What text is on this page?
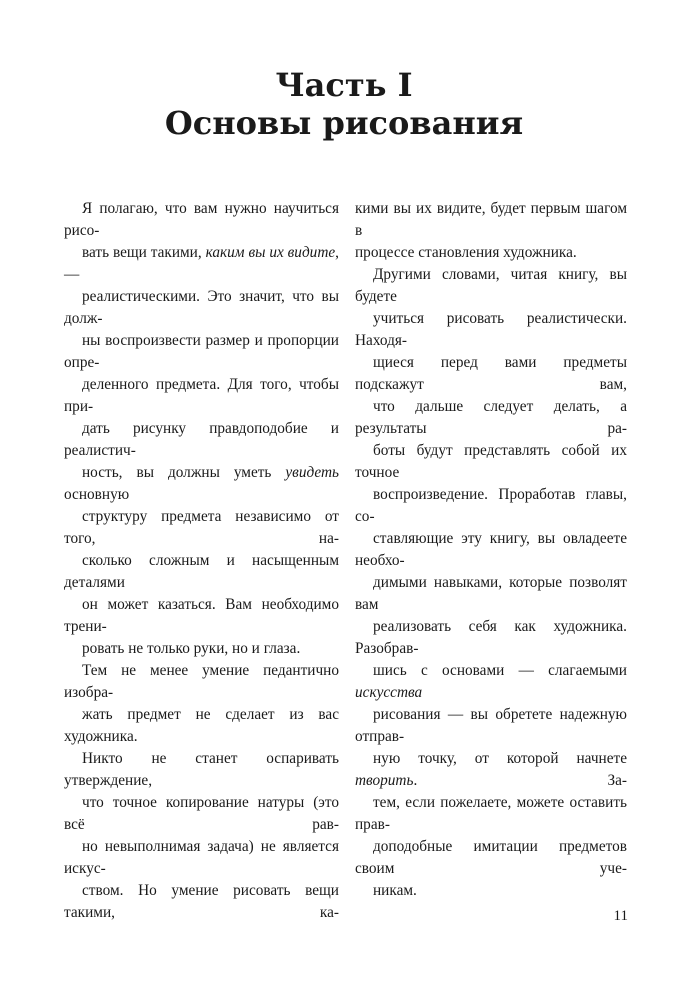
Часть I
Основы рисования

Я полагаю, что вам нужно научиться рисо-
вать вещи такими, каким вы их видите, —
реалистическими. Это значит, что вы долж-
ны воспроизвести размер и пропорции опре-
деленного предмета. Для того, чтобы при-
дать рисунку правдоподобие и реалистич-
ность, вы должны уметь увидеть основную
структуру предмета независимо от того, на-
сколько сложным и насыщенным деталями
он может казаться. Вам необходимо трени-
ровать не только руки, но и глаза.

Тем не менее умение педантично изобра-
жать предмет не сделает из вас художника.
Никто не станет оспаривать утверждение,
что точное копирование натуры (это всё рав-
но невыполнимая задача) не является искус-
ством. Но умение рисовать вещи такими, ка-

кими вы их видите, будет первым шагом в
процессе становления художника.

Другими словами, читая книгу, вы будете
учиться рисовать реалистически. Находя-
щиеся перед вами предметы подскажут вам,
что дальше следует делать, а результаты ра-
боты будут представлять собой их точное
воспроизведение. Проработав главы, со-
ставляющие эту книгу, вы овладеете необхо-
димыми навыками, которые позволят вам
реализовать себя как художника. Разобрав-
шись с основами — слагаемыми искусства
рисования — вы обретете надежную отправ-
ную точку, от которой начнете творить. За-
тем, если пожелаете, можете оставить прав-
доподобные имитации предметов своим уче-
никам.

11
